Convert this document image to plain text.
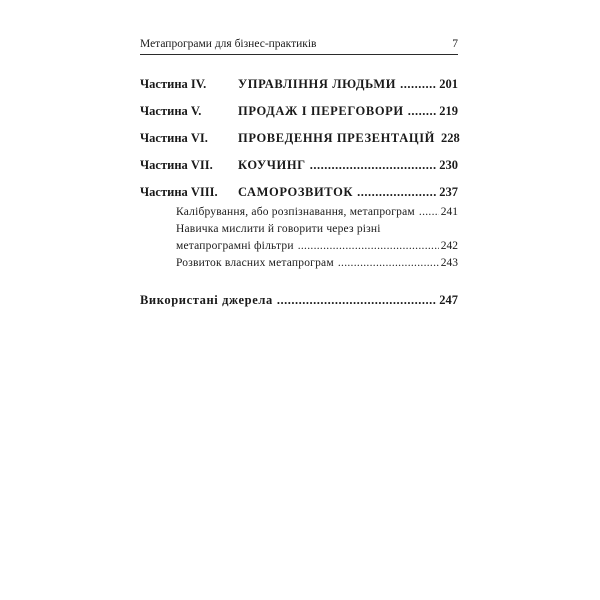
Метапрограми для бізнес-практиків	7
Частина IV.	УПРАВЛІННЯ ЛЮДЬМИ .....	201
Частина V.	ПРОДАЖ І ПЕРЕГОВОРИ .....	219
Частина VI.	ПРОВЕДЕННЯ ПРЕЗЕНТАЦІЙ 228
Частина VII.	КОУЧИНГ .....	230
Частина VIII.	САМОРОЗВИТОК .....	237
Калібрування, або розпізнавання, метапрограм ..... 241
Навичка мислити й говорити через різні
метапрограмні фільтри .....	242
Розвиток власних метапрограм .....	243
Використані джерела .....	247
